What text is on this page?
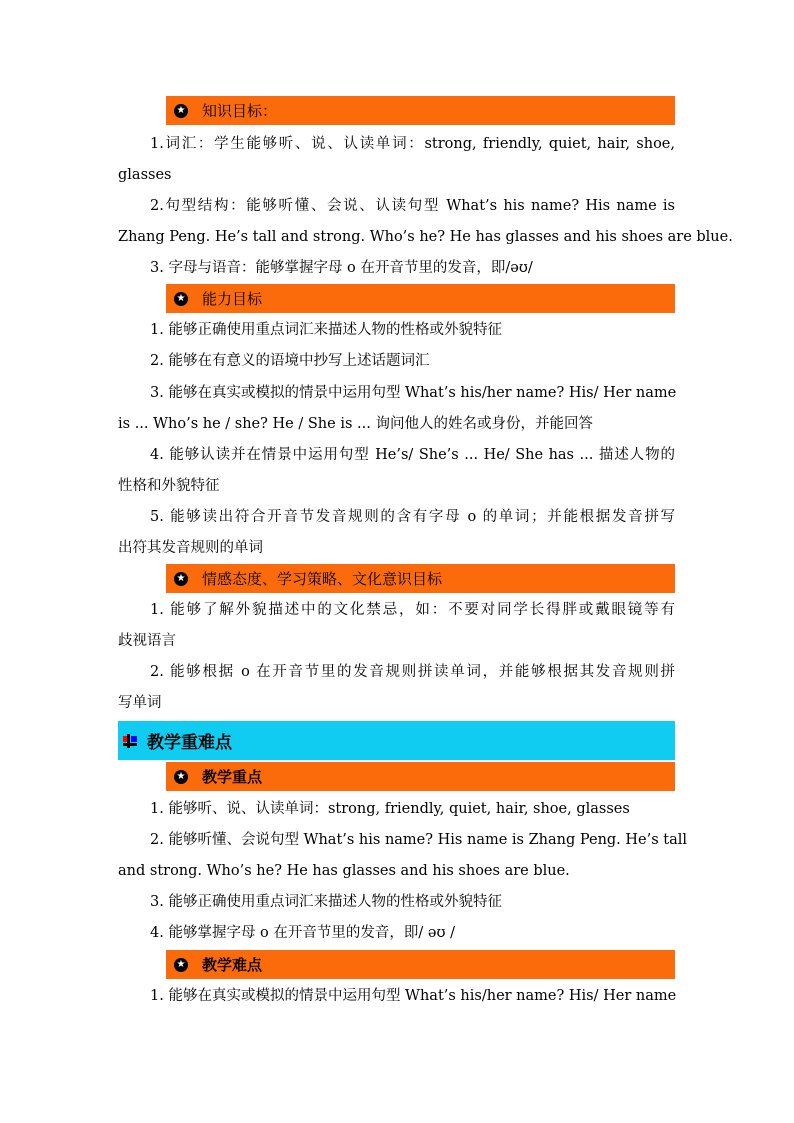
★
知识目标：
1.词汇：学生能够听、说、认读单词：strong, friendly, quiet, hair, shoe,
glasses
2.句型结构：能够听懂、会说、认读句型 What’s his name? His name is
Zhang Peng. He’s tall and strong. Who’s he? He has glasses and his shoes are blue.
3. 字母与语音：能够掌握字母 o 在开音节里的发音，即/əʊ/
★
能力目标
1. 能够正确使用重点词汇来描述人物的性格或外貌特征
2. 能够在有意义的语境中抄写上述话题词汇
3. 能够在真实或模拟的情景中运用句型 What’s his/her name? His/ Her name
is ... Who’s he / she? He / She is ... 询问他人的姓名或身份，并能回答
4. 能够认读并在情景中运用句型 He’s/ She’s ... He/ She has ... 描述人物的
性格和外貌特征
5. 能够读出符合开音节发音规则的含有字母 o 的单词；并能根据发音拼写
出符其发音规则的单词
★
情感态度、学习策略、文化意识目标
1. 能够了解外貌描述中的文化禁忌，如：不要对同学长得胖或戴眼镜等有
歧视语言
2. 能够根据 o 在开音节里的发音规则拼读单词，并能够根据其发音规则拼
写单词
教学重难点
★
教学重点
1. 能够听、说、认读单词：strong, friendly, quiet, hair, shoe, glasses
2. 能够听懂、会说句型 What’s his name? His name is Zhang Peng. He’s tall
and strong. Who’s he? He has glasses and his shoes are blue.
3. 能够正确使用重点词汇来描述人物的性格或外貌特征
4. 能够掌握字母 o 在开音节里的发音，即/ əʊ /
★
教学难点
1. 能够在真实或模拟的情景中运用句型 What’s his/her name? His/ Her name
